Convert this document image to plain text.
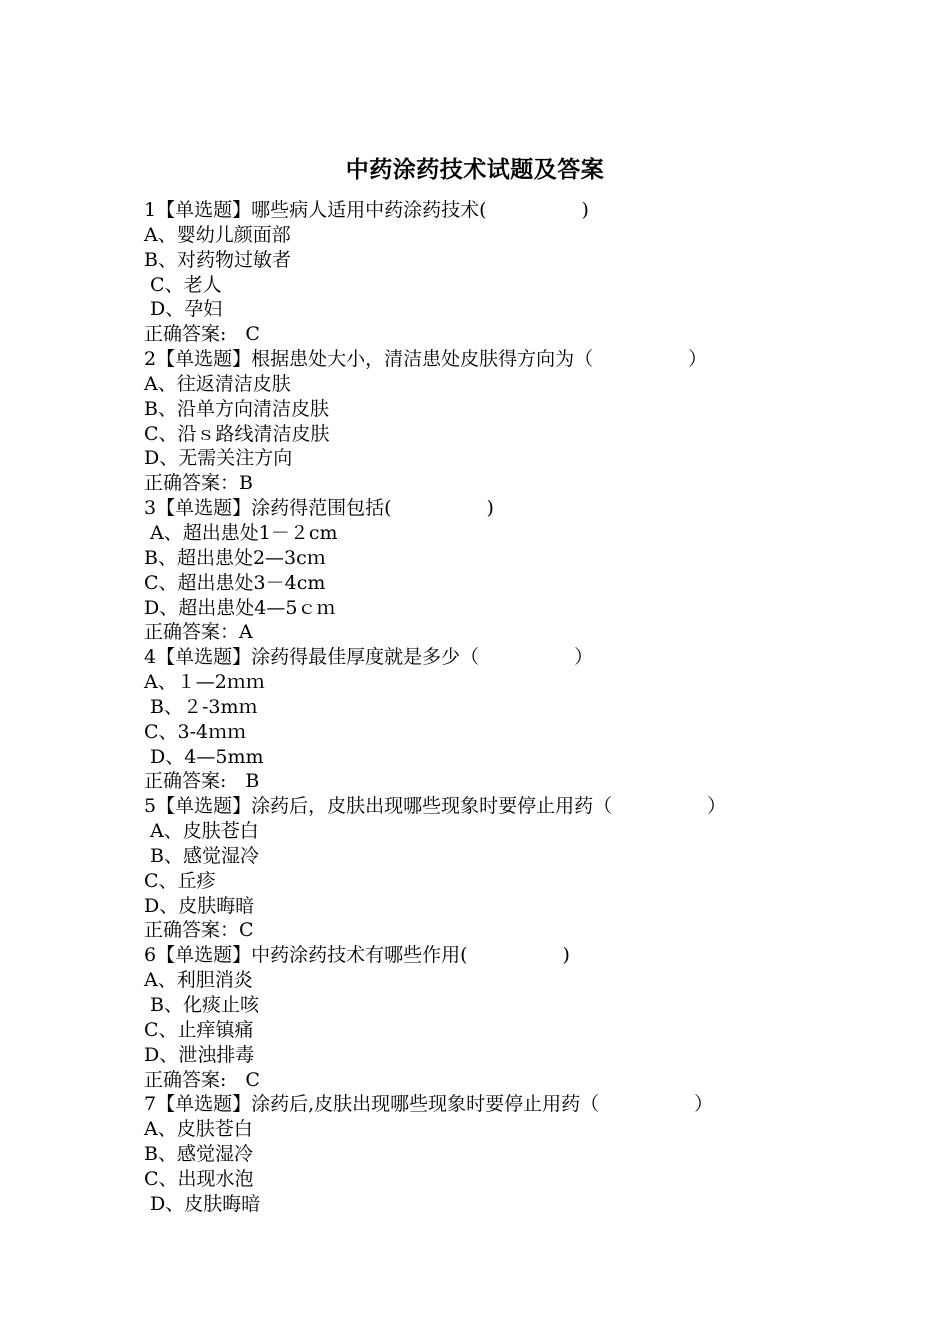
中药涂药技术试题及答案
1【单选题】哪些病人适用中药涂药技术(　　　　　)
A、婴幼儿颜面部
B、对药物过敏者
C、老人
D、孕妇
正确答案:　C
2【单选题】根据患处大小，清洁患处皮肤得方向为（　　　　　）
A、往返清洁皮肤
B、沿单方向清洁皮肤
C、沿ｓ路线清洁皮肤
D、无需关注方向
正确答案：B
3【单选题】涂药得范围包括(　　　　　)
A、超出患处1－２cm
B、超出患处2—3cｍ
C、超出患处3－4cm
D、超出患处4—5ｃｍ
正确答案：A
4【单选题】涂药得最佳厚度就是多少（　　　　　）
A、１—2ｍｍ
B、２-3mｍ
C、3-4ｍｍ
D、4—5mm
正确答案:　B
5【单选题】涂药后，皮肤出现哪些现象时要停止用药（　　　　　）
A、皮肤苍白
B、感觉湿冷
C、丘疹
D、皮肤晦暗
正确答案：C
6【单选题】中药涂药技术有哪些作用(　　　　　)
A、利胆消炎
B、化痰止咳
C、止痒镇痛
D、泄浊排毒
正确答案:　C
7【单选题】涂药后,皮肤出现哪些现象时要停止用药（　　　　　）
A、皮肤苍白
B、感觉湿冷
C、出现水泡
D、皮肤晦暗
